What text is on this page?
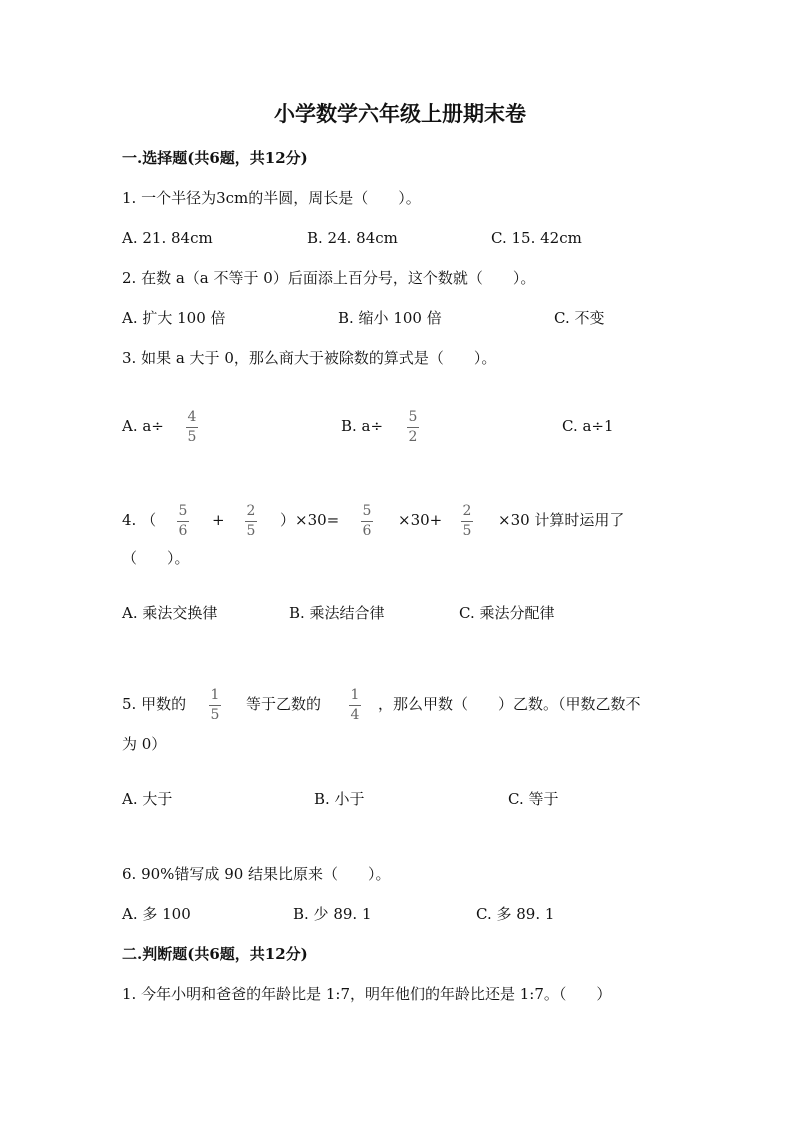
小学数学六年级上册期末卷
一.选择题(共6题，共12分)
1. 一个半径为3cm的半圆，周长是（　　）。
A. 21. 84cm	B. 24. 84cm	C. 15. 42cm
2. 在数 a（a 不等于 0）后面添上百分号，这个数就（　　）。
A. 扩大 100 倍	B. 缩小 100 倍	C. 不变
3. 如果 a 大于 0，那么商大于被除数的算式是（　　）。
A. a÷ 4
5
B. a÷ 5
2
C. a÷1
4. （ 5
6
+ 2
5
）×30= 5
6
×30+ 2
5
×30 计算时运用了
（　　）。
A. 乘法交换律	B. 乘法结合律	C. 乘法分配律
5. 甲数的 1
5
等于乙数的 1
4
，那么甲数（　　）乙数。（甲数乙数不
为 0）
A. 大于	B. 小于	C. 等于
6. 90%错写成 90 结果比原来（　　）。
A. 多 100	B. 少 89. 1	C. 多 89. 1
二.判断题(共6题，共12分)
1. 今年小明和爸爸的年龄比是 1:7，明年他们的年龄比还是 1:7。（　　）
